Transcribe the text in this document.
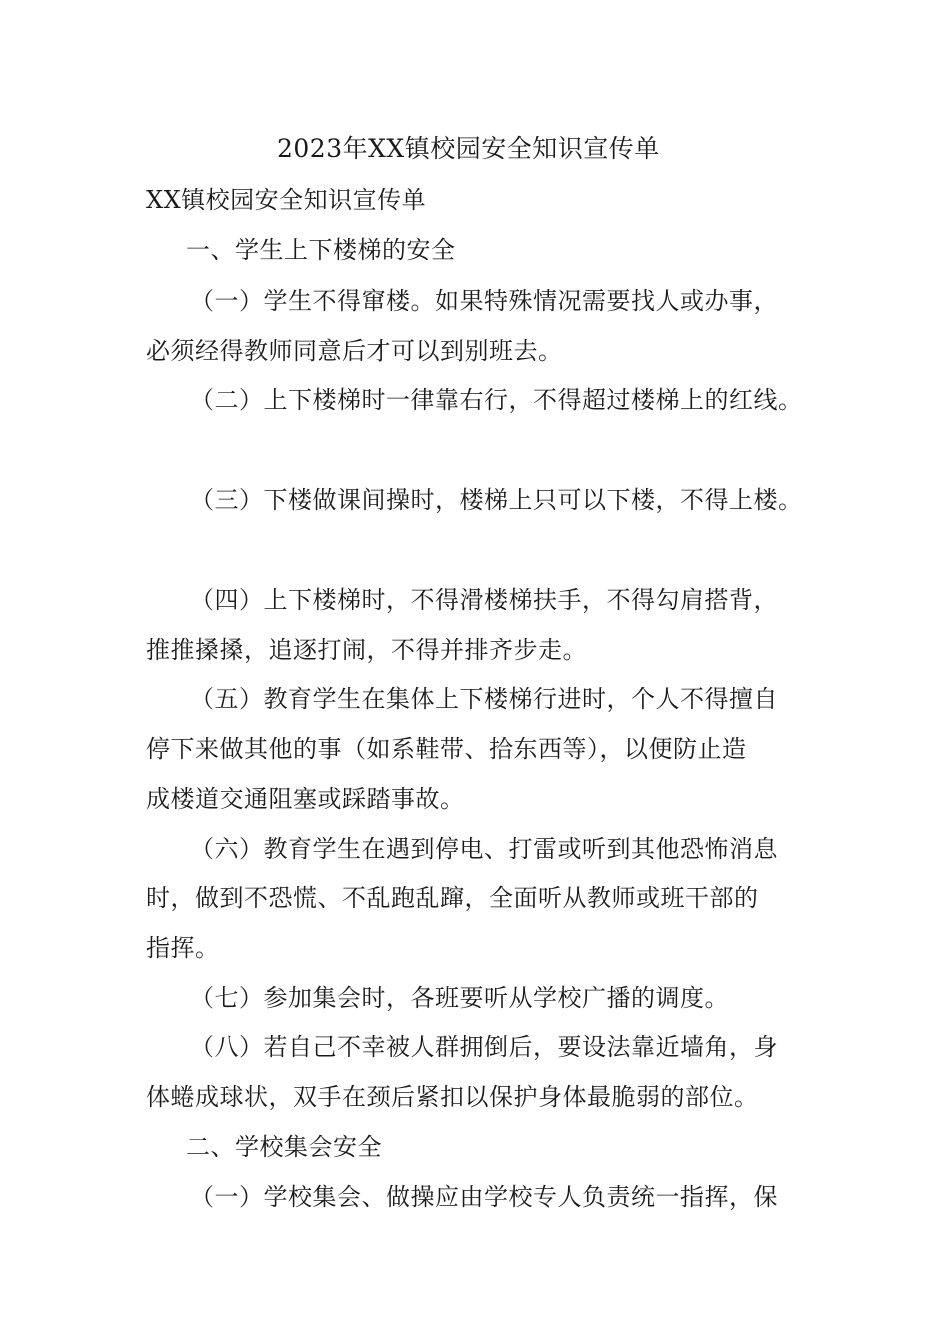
2023年XX镇校园安全知识宣传单
XX镇校园安全知识宣传单
一、学生上下楼梯的安全
（一）学生不得窜楼。如果特殊情况需要找人或办事，
必须经得教师同意后才可以到别班去。
（二）上下楼梯时一律靠右行，不得超过楼梯上的红线。
（三）下楼做课间操时，楼梯上只可以下楼，不得上楼。
（四）上下楼梯时，不得滑楼梯扶手，不得勾肩搭背，
推推搡搡，追逐打闹，不得并排齐步走。
（五）教育学生在集体上下楼梯行进时，个人不得擅自
停下来做其他的事（如系鞋带、拾东西等），以便防止造
成楼道交通阻塞或踩踏事故。
（六）教育学生在遇到停电、打雷或听到其他恐怖消息
时，做到不恐慌、不乱跑乱蹿，全面听从教师或班干部的
指挥。
（七）参加集会时，各班要听从学校广播的调度。
（八）若自己不幸被人群拥倒后，要设法靠近墙角，身
体蜷成球状，双手在颈后紧扣以保护身体最脆弱的部位。
二、学校集会安全
（一）学校集会、做操应由学校专人负责统一指挥，保
